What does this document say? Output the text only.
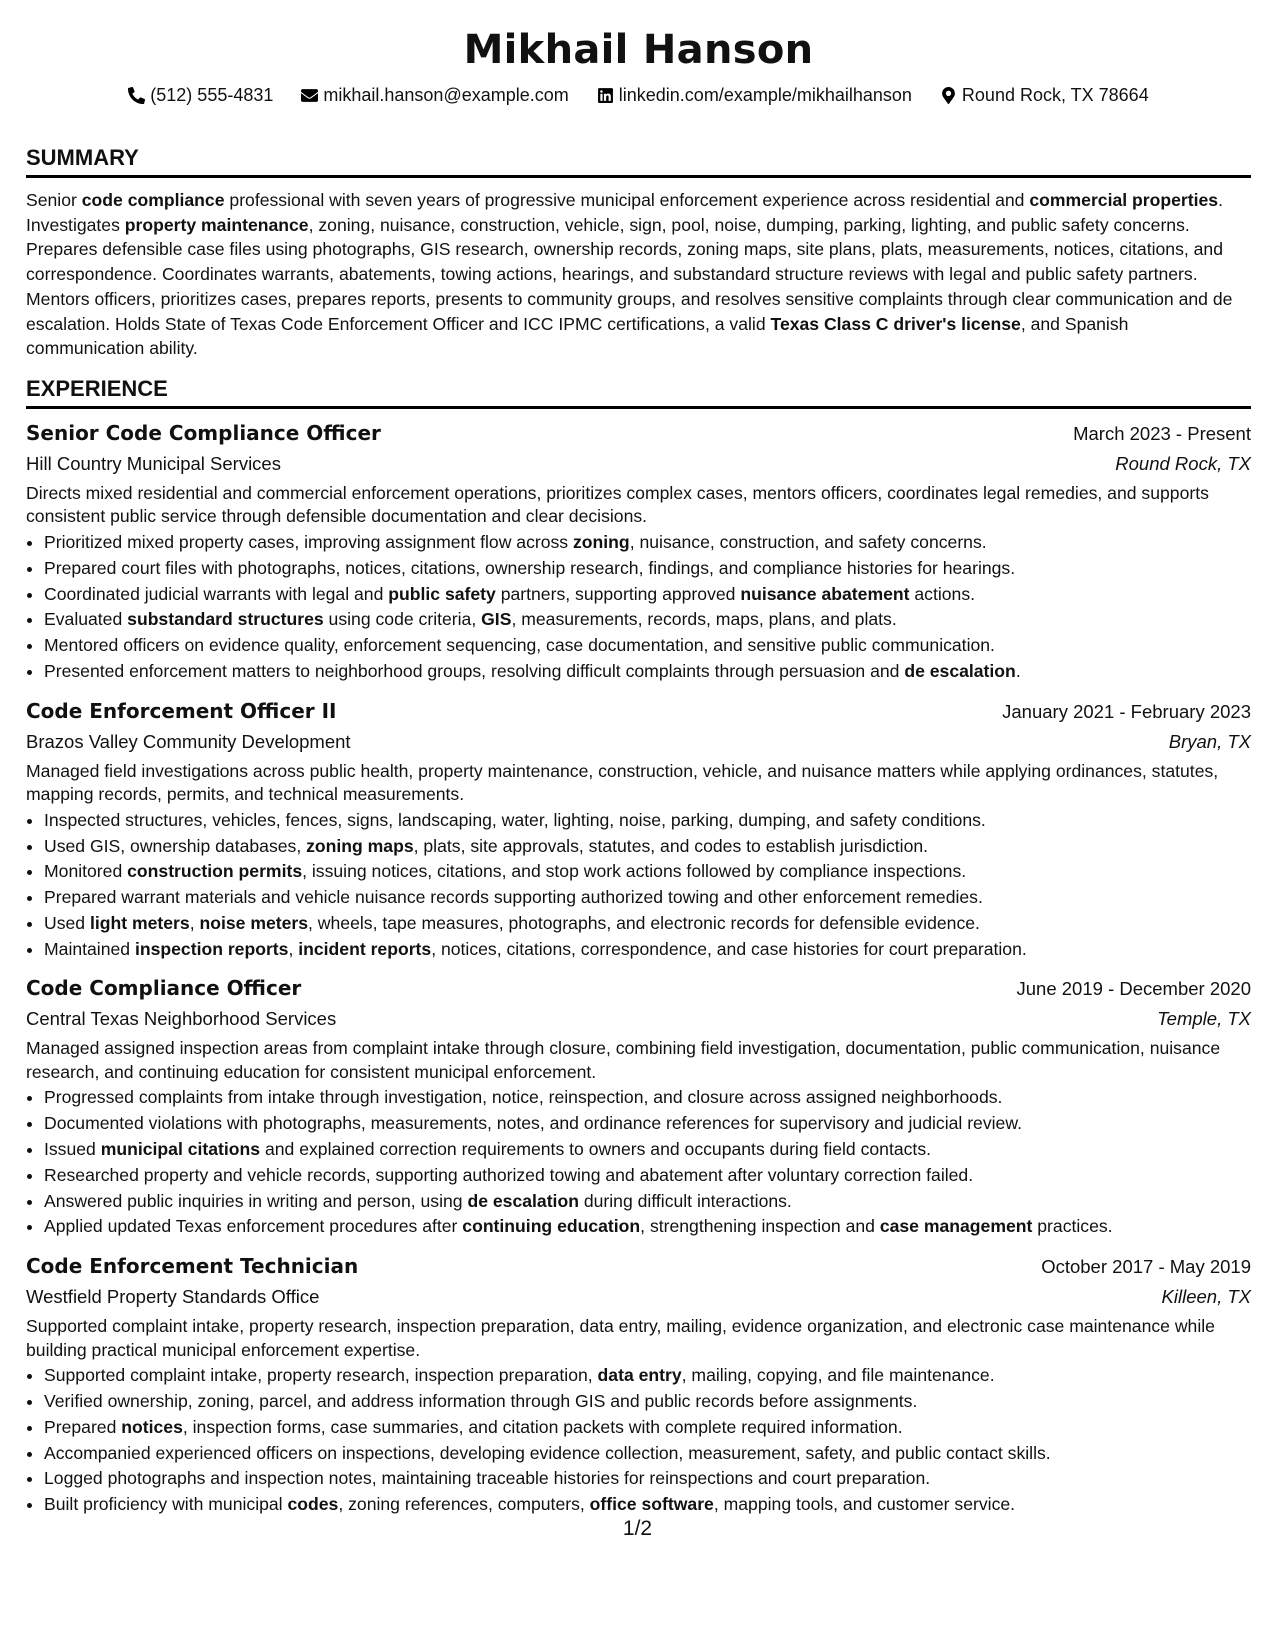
Mikhail Hanson
(512) 555-4831	mikhail.hanson@example.com	linkedin.com/example/mikhailhanson	Round Rock, TX 78664
SUMMARY

Senior code compliance professional with seven years of progressive municipal enforcement experience across residential and commercial properties. Investigates property maintenance, zoning, nuisance, construction, vehicle, sign, pool, noise, dumping, parking, lighting, and public safety concerns. Prepares defensible case files using photographs, GIS research, ownership records, zoning maps, site plans, plats, measurements, notices, citations, and correspondence. Coordinates warrants, abatements, towing actions, hearings, and substandard structure reviews with legal and public safety partners. Mentors officers, prioritizes cases, prepares reports, presents to community groups, and resolves sensitive complaints through clear communication and de escalation. Holds State of Texas Code Enforcement Officer and ICC IPMC certifications, a valid Texas Class C driver's license, and Spanish communication ability.

EXPERIENCE
Senior Code Compliance Officer	March 2023 - Present
Hill Country Municipal Services	Round Rock, TX

Directs mixed residential and commercial enforcement operations, prioritizes complex cases, mentors officers, coordinates legal remedies, and supports consistent public service through defensible documentation and clear decisions.

• Prioritized mixed property cases, improving assignment flow across zoning, nuisance, construction, and safety concerns.
• Prepared court files with photographs, notices, citations, ownership research, findings, and compliance histories for hearings.
• Coordinated judicial warrants with legal and public safety partners, supporting approved nuisance abatement actions.
• Evaluated substandard structures using code criteria, GIS, measurements, records, maps, plans, and plats.
• Mentored officers on evidence quality, enforcement sequencing, case documentation, and sensitive public communication.
• Presented enforcement matters to neighborhood groups, resolving difficult complaints through persuasion and de escalation.
Code Enforcement Officer II	January 2021 - February 2023
Brazos Valley Community Development	Bryan, TX

Managed field investigations across public health, property maintenance, construction, vehicle, and nuisance matters while applying ordinances, statutes, mapping records, permits, and technical measurements.

• Inspected structures, vehicles, fences, signs, landscaping, water, lighting, noise, parking, dumping, and safety conditions.
• Used GIS, ownership databases, zoning maps, plats, site approvals, statutes, and codes to establish jurisdiction.
• Monitored construction permits, issuing notices, citations, and stop work actions followed by compliance inspections.
• Prepared warrant materials and vehicle nuisance records supporting authorized towing and other enforcement remedies.
• Used light meters, noise meters, wheels, tape measures, photographs, and electronic records for defensible evidence.
• Maintained inspection reports, incident reports, notices, citations, correspondence, and case histories for court preparation.
Code Compliance Officer	June 2019 - December 2020
Central Texas Neighborhood Services	Temple, TX

Managed assigned inspection areas from complaint intake through closure, combining field investigation, documentation, public communication, nuisance research, and continuing education for consistent municipal enforcement.

• Progressed complaints from intake through investigation, notice, reinspection, and closure across assigned neighborhoods.
• Documented violations with photographs, measurements, notes, and ordinance references for supervisory and judicial review.
• Issued municipal citations and explained correction requirements to owners and occupants during field contacts.
• Researched property and vehicle records, supporting authorized towing and abatement after voluntary correction failed.
• Answered public inquiries in writing and person, using de escalation during difficult interactions.
• Applied updated Texas enforcement procedures after continuing education, strengthening inspection and case management practices.
Code Enforcement Technician	October 2017 - May 2019
Westfield Property Standards Office	Killeen, TX

Supported complaint intake, property research, inspection preparation, data entry, mailing, evidence organization, and electronic case maintenance while building practical municipal enforcement expertise.

• Supported complaint intake, property research, inspection preparation, data entry, mailing, copying, and file maintenance.
• Verified ownership, zoning, parcel, and address information through GIS and public records before assignments.
• Prepared notices, inspection forms, case summaries, and citation packets with complete required information.
• Accompanied experienced officers on inspections, developing evidence collection, measurement, safety, and public contact skills.
• Logged photographs and inspection notes, maintaining traceable histories for reinspections and court preparation.
• Built proficiency with municipal codes, zoning references, computers, office software, mapping tools, and customer service.
1/2
